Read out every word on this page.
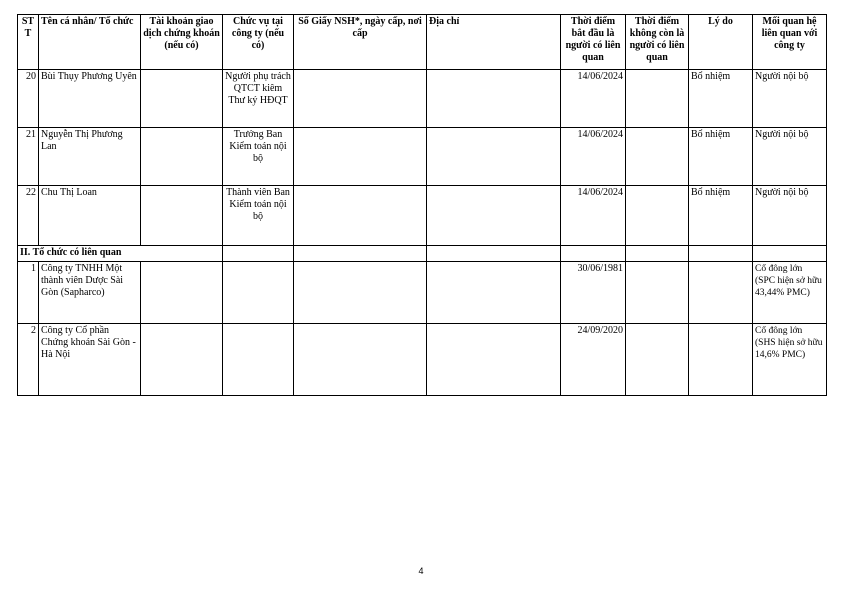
STT	Tên cá nhân/ Tổ chức	Tài khoản giao dịch chứng khoán (nếu có)	Chức vụ tại công ty (nếu có)	Số Giấy NSH*, ngày cấp, nơi cấp	Địa chỉ	Thời điểm bắt đầu là người có liên quan	Thời điểm không còn là người có liên quan	Lý do	Mối quan hệ liên quan với công ty
20	Bùi Thụy Phương Uyên		Người phụ trách QTCT kiêm Thư ký HĐQT			14/06/2024		Bổ nhiệm	Người nội bộ
21	Nguyễn Thị Phương Lan		Trưởng Ban Kiểm toán nội bộ			14/06/2024		Bổ nhiệm	Người nội bộ
22	Chu Thị Loan		Thành viên Ban Kiểm toán nội bộ			14/06/2024		Bổ nhiệm	Người nội bộ
II. Tổ chức có liên quan									
1	Công ty TNHH Một thành viên Dược Sài Gòn (Sapharco)					30/06/1981			Cổ đông lớn (SPC hiện sở hữu 43,44% PMC)
2	Công ty Cổ phần Chứng khoán Sài Gòn - Hà Nội					24/09/2020			Cổ đông lớn (SHS hiện sở hữu 14,6% PMC)
4
